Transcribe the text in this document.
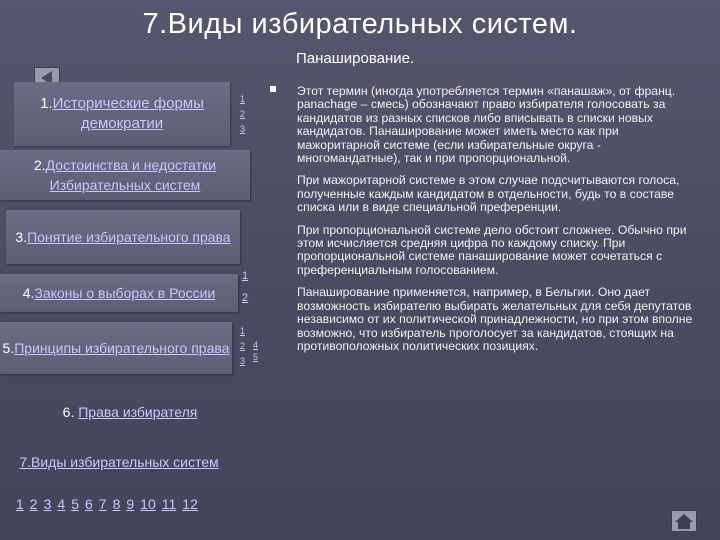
7.Виды избирательных систем.
Панаширование.
1.Исторические формы демократии
2.Достоинства и недостатки Избирательных систем
3.Понятие избирательного права
4.Законы о выборах в России
5.Принципы избирательного права
6. Права избирателя
7.Виды избирательных систем
1 2 3 4 5 6 7 8 9 10 11 12
1
2
3
1
2
1
2
3
4
5

Этот термин (иногда употребляется термин «панашаж», от франц. panachage – смесь) обозначают право избирателя голосовать за кандидатов из разных списков либо вписывать в списки новых кандидатов. Панаширование может иметь место как при мажоритарной системе (если избирательные округа - многомандатные), так и при пропорциональной.

При мажоритарной системе в этом случае подсчитываются голоса, полученные каждым кандидатом в отдельности, будь то в составе списка или в виде специальной преференции.

При пропорциональной системе дело обстоит сложнее. Обычно при этом исчисляется средняя цифра по каждому списку. При пропорциональной системе панаширование может сочетаться с преференциальным голосованием.

Панаширование применяется, например, в Бельгии. Оно дает возможность избирателю выбирать желательных для себя депутатов независимо от их политической принадлежности, но при этом вполне возможно, что избиратель проголосует за кандидатов, стоящих на противоположных политических позициях.
